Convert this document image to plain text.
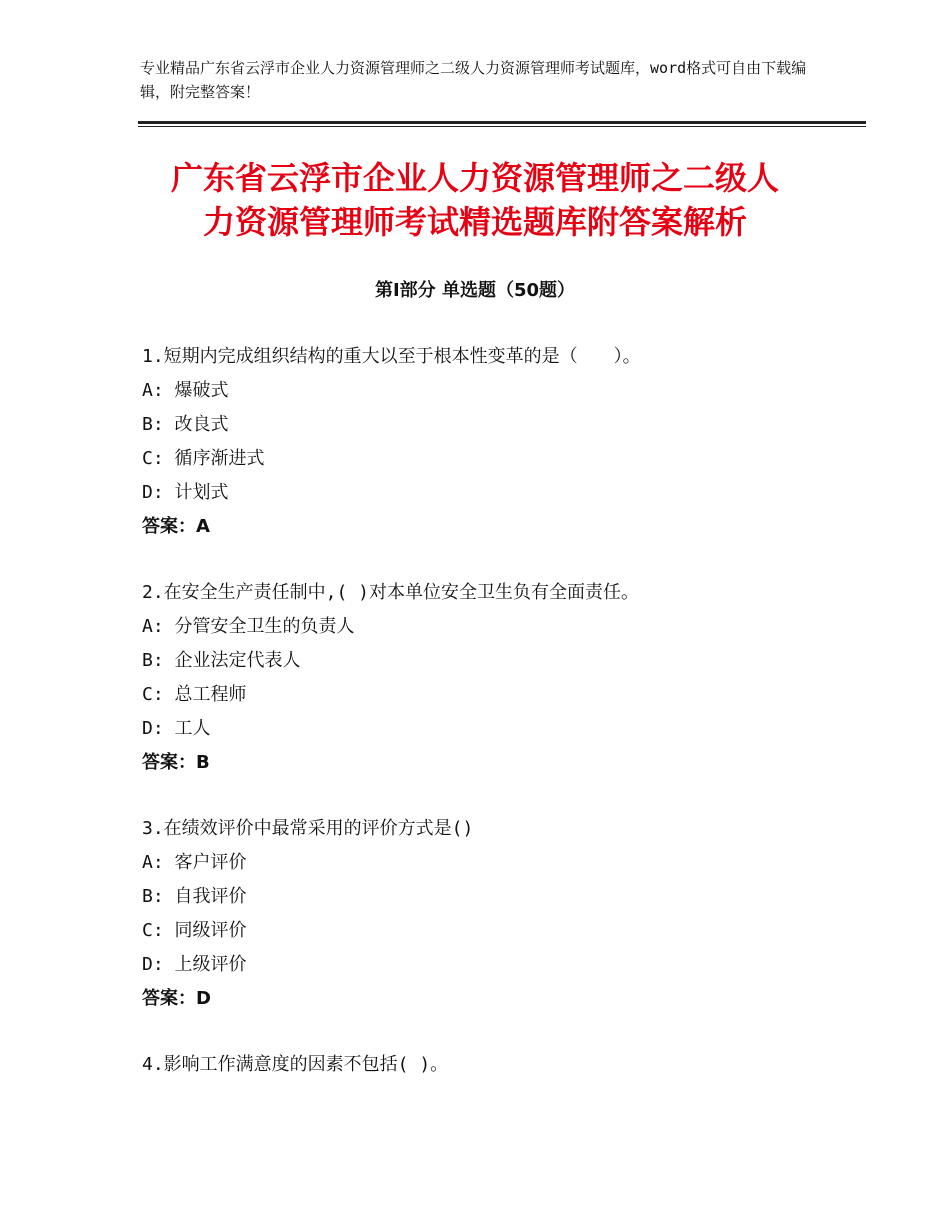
专业精品广东省云浮市企业人力资源管理师之二级人力资源管理师考试题库，word格式可自由下载编辑，附完整答案！
广东省云浮市企业人力资源管理师之二级人
力资源管理师考试精选题库附答案解析
第Ⅰ部分 单选题（50题）
1.短期内完成组织结构的重大以至于根本性变革的是（　　）。
A: 爆破式
B: 改良式
C: 循序渐进式
D: 计划式
答案：A
2.在安全生产责任制中,( )对本单位安全卫生负有全面责任。
A: 分管安全卫生的负责人
B: 企业法定代表人
C: 总工程师
D: 工人
答案：B
3.在绩效评价中最常采用的评价方式是()
A: 客户评价
B: 自我评价
C: 同级评价
D: 上级评价
答案：D
4.影响工作满意度的因素不包括( )。
